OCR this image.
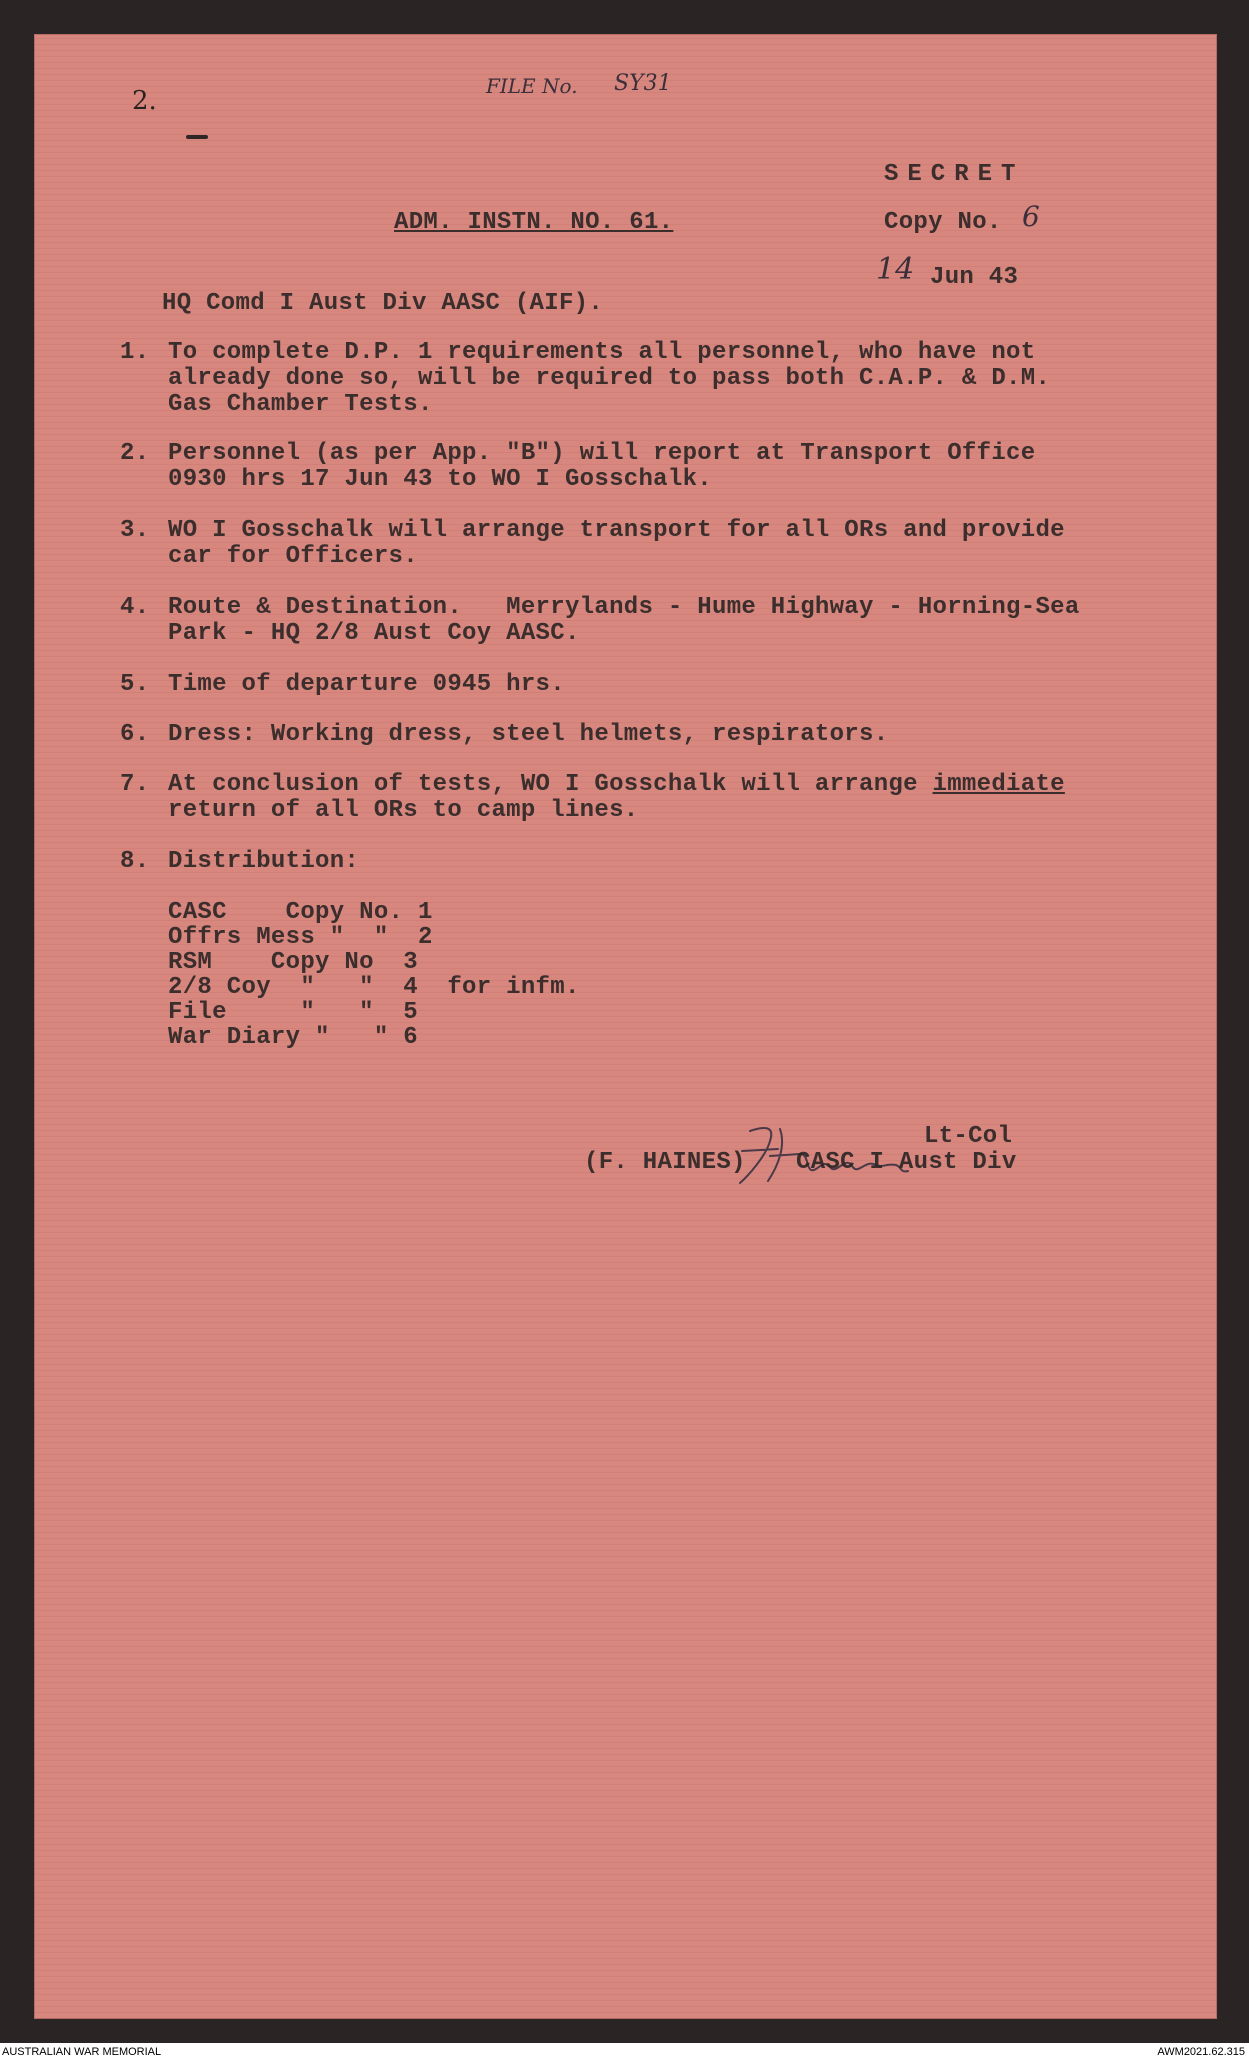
FILE No. SY31
2.
SECRET
Copy No. 6
14 Jun 43
ADM. INSTN. NO. 61.
HQ Comd I Aust Div AASC (AIF).
1. To complete D.P. 1 requirements all personnel, who have not
already done so, will be required to pass both C.A.P. & D.M.
Gas Chamber Tests.
2. Personnel (as per App. "B") will report at Transport Office
0930 hrs 17 Jun 43 to WO I Gosschalk.
3. WO I Gosschalk will arrange transport for all ORs and provide
car for Officers.
4. Route & Destination.   Merrylands - Hume Highway - Horning-Sea
Park - HQ 2/8 Aust Coy AASC.
5. Time of departure 0945 hrs.
6. Dress: Working dress, steel helmets, respirators.
7. At conclusion of tests, WO I Gosschalk will arrange immediate
return of all ORs to camp lines.
8. Distribution:
CASC    Copy No. 1
Offrs Mess "  "  2
RSM    Copy No  3
2/8 Coy  "   "  4  for infm.
File     "   "  5
War Diary "   " 6
F. Haines
Lt-Col
(F. HAINES) CASC I Aust Div
AUSTRALIAN WAR MEMORIAL	AWM2021.62.315
